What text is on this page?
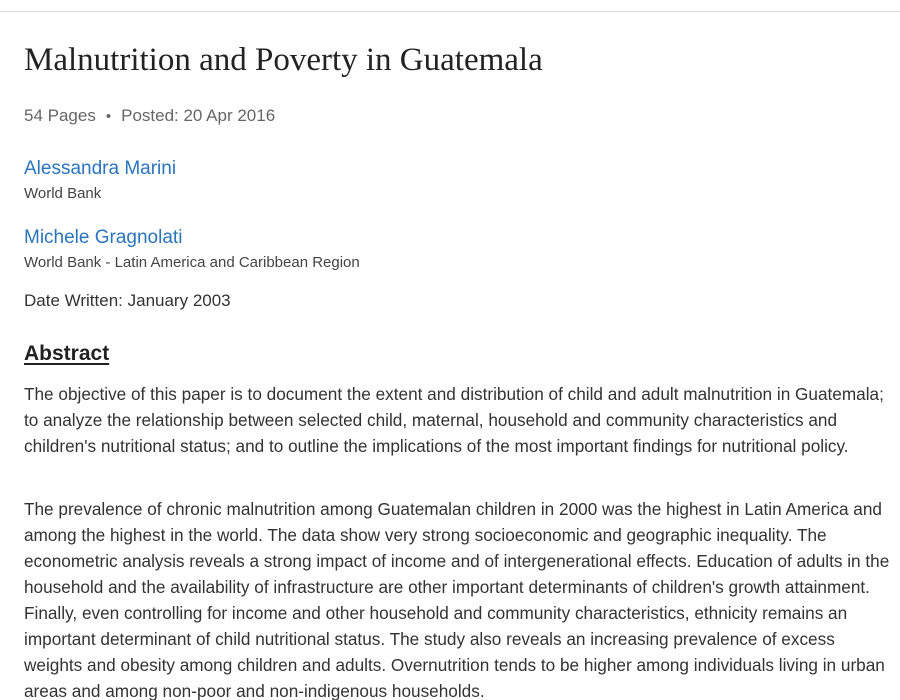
Malnutrition and Poverty in Guatemala
54 Pages • Posted: 20 Apr 2016
Alessandra Marini
World Bank
Michele Gragnolati
World Bank - Latin America and Caribbean Region
Date Written: January 2003
Abstract

The objective of this paper is to document the extent and distribution of child and adult malnutrition in Guatemala; to analyze the relationship between selected child, maternal, household and community characteristics and children's nutritional status; and to outline the implications of the most important findings for nutritional policy.

The prevalence of chronic malnutrition among Guatemalan children in 2000 was the highest in Latin America and among the highest in the world. The data show very strong socioeconomic and geographic inequality. The econometric analysis reveals a strong impact of income and of intergenerational effects. Education of adults in the household and the availability of infrastructure are other important determinants of children's growth attainment. Finally, even controlling for income and other household and community characteristics, ethnicity remains an important determinant of child nutritional status. The study also reveals an increasing prevalence of excess weights and obesity among children and adults. Overnutrition tends to be higher among individuals living in urban areas and among non-poor and non-indigenous households.
